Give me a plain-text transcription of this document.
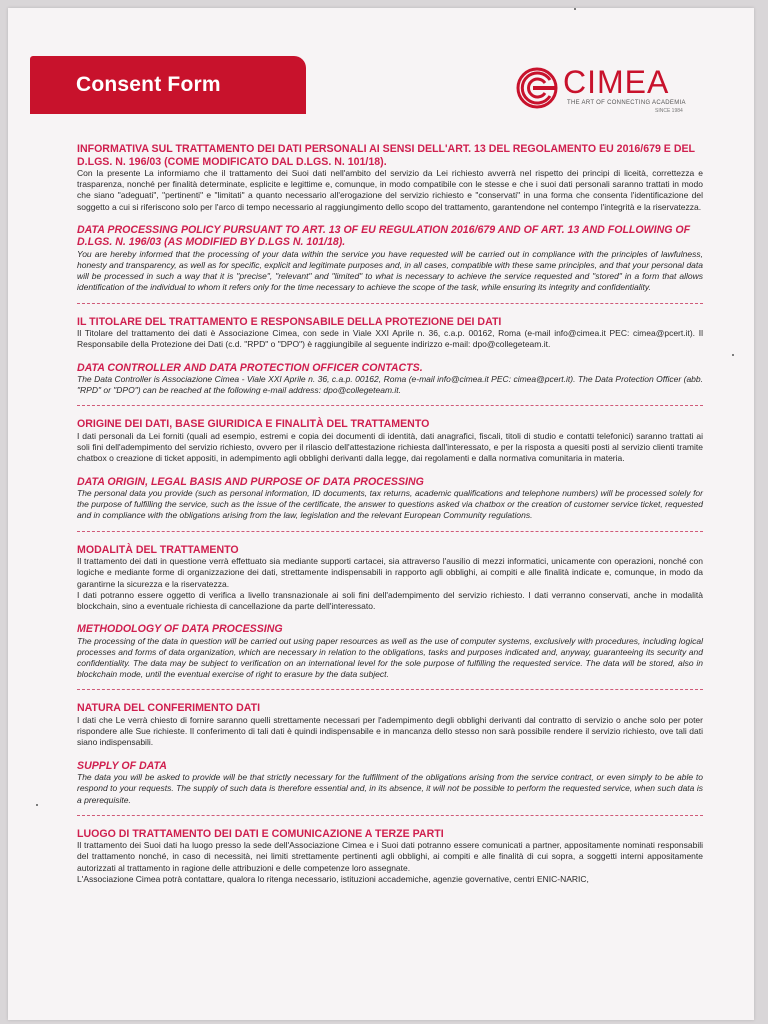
Consent Form	CIMEA
THE ART OF CONNECTING ACADEMIA
SINCE 1984
INFORMATIVA SUL TRATTAMENTO DEI DATI PERSONALI AI SENSI DELL'ART. 13 DEL REGOLAMENTO EU 2016/679 E DEL D.LGS. N. 196/03 (COME MODIFICATO DAL D.LGS. N. 101/18).
Con la presente La informiamo che il trattamento dei Suoi dati nell'ambito del servizio da Lei richiesto avverrà nel rispetto dei principi di liceità, correttezza e trasparenza, nonché per finalità determinate, esplicite e legittime e, comunque, in modo compatibile con le stesse e che i suoi dati personali saranno trattati in modo che siano "adeguati", "pertinenti" e "limitati" a quanto necessario all'erogazione del servizio richiesto e "conservati" in una forma che consenta l'identificazione del soggetto a cui si riferiscono solo per l'arco di tempo necessario al raggiungimento dello scopo del trattamento, garantendone nel contempo l'integrità e la riservatezza.
DATA PROCESSING POLICY PURSUANT TO ART. 13 OF EU REGULATION 2016/679 AND OF ART. 13 AND FOLLOWING OF D.LGS. N. 196/03 (AS MODIFIED BY D.LGS N. 101/18).
You are hereby informed that the processing of your data within the service you have requested will be carried out in compliance with the principles of lawfulness, honesty and transparency, as well as for specific, explicit and legitimate purposes and, in all cases, compatible with these same principles, and that your personal data will be processed in such a way that it is "precise", "relevant" and "limited" to what is necessary to achieve the service requested and "stored" in a form that allows identification of the individual to whom it refers only for the time necessary to achieve the scope of the task, while ensuring its integrity and confidentiality.
IL TITOLARE DEL TRATTAMENTO E RESPONSABILE DELLA PROTEZIONE DEI DATI
Il Titolare del trattamento dei dati è Associazione Cimea, con sede in Viale XXI Aprile n. 36, c.a.p. 00162, Roma (e-mail info@cimea.it PEC: cimea@pcert.it). Il Responsabile della Protezione dei Dati (c.d. "RPD" o "DPO") è raggiungibile al seguente indirizzo e-mail: dpo@collegeteam.it.
DATA CONTROLLER AND DATA PROTECTION OFFICER CONTACTS.
The Data Controller is Associazione Cimea - Viale XXI Aprile n. 36, c.a.p. 00162, Roma (e-mail info@cimea.it PEC: cimea@pcert.it). The Data Protection Officer (abb. "RPD" or "DPO") can be reached at the following e-mail address: dpo@collegeteam.it.
ORIGINE DEI DATI, BASE GIURIDICA E FINALITÀ DEL TRATTAMENTO
I dati personali da Lei forniti (quali ad esempio, estremi e copia dei documenti di identità, dati anagrafici, fiscali, titoli di studio e contatti telefonici) saranno trattati ai soli fini dell'adempimento del servizio richiesto, ovvero per il rilascio dell'attestazione richiesta dall'interessato, e per la risposta a quesiti posti al servizio clienti tramite chatbox o creazione di ticket appositi, in adempimento agli obblighi derivanti dalla legge, dai regolamenti e dalla normativa comunitaria in materia.
DATA ORIGIN, LEGAL BASIS AND PURPOSE OF DATA PROCESSING
The personal data you provide (such as personal information, ID documents, tax returns, academic qualifications and telephone numbers) will be processed solely for the purpose of fulfilling the service, such as the issue of the certificate, the answer to questions asked via chatbox or the creation of customer service ticket, requested and in compliance with the obligations arising from the law, legislation and the relevant European Community regulations.
MODALITÀ DEL TRATTAMENTO
Il trattamento dei dati in questione verrà effettuato sia mediante supporti cartacei, sia attraverso l'ausilio di mezzi informatici, unicamente con operazioni, nonché con logiche e mediante forme di organizzazione dei dati, strettamente indispensabili in rapporto agli obblighi, ai compiti e alle finalità indicate e, comunque, in modo da garantirne la sicurezza e la riservatezza.
I dati potranno essere oggetto di verifica a livello transnazionale ai soli fini dell'adempimento del servizio richiesto. I dati verranno conservati, anche in modalità blockchain, sino a eventuale richiesta di cancellazione da parte dell'interessato.
METHODOLOGY OF DATA PROCESSING
The processing of the data in question will be carried out using paper resources as well as the use of computer systems, exclusively with procedures, including logical processes and forms of data organization, which are necessary in relation to the obligations, tasks and purposes indicated and, anyway, guaranteeing its security and confidentiality. The data may be subject to verification on an international level for the sole purpose of fulfilling the requested service. The data will be stored, also in blockchain mode, until the eventual exercise of right to erasure by the data subject.
NATURA DEL CONFERIMENTO DATI
I dati che Le verrà chiesto di fornire saranno quelli strettamente necessari per l'adempimento degli obblighi derivanti dal contratto di servizio o anche solo per poter rispondere alle Sue richieste. Il conferimento di tali dati è quindi indispensabile e in mancanza dello stesso non sarà possibile rendere il servizio richiesto, ove tali dati siano indispensabili.
SUPPLY OF DATA
The data you will be asked to provide will be that strictly necessary for the fulfillment of the obligations arising from the service contract, or even simply to be able to respond to your requests. The supply of such data is therefore essential and, in its absence, it will not be possible to perform the requested service, when such data is a prerequisite.
LUOGO DI TRATTAMENTO DEI DATI E COMUNICAZIONE A TERZE PARTI
Il trattamento dei Suoi dati ha luogo presso la sede dell'Associazione Cimea e i Suoi dati potranno essere comunicati a partner, appositamente nominati responsabili del trattamento nonché, in caso di necessità, nei limiti strettamente pertinenti agli obblighi, ai compiti e alle finalità di cui sopra, a soggetti interni appositamente autorizzati al trattamento in ragione delle attribuzioni e delle competenze loro assegnate.
L'Associazione Cimea potrà contattare, qualora lo ritenga necessario, istituzioni accademiche, agenzie governative, centri ENIC-NARIC,
